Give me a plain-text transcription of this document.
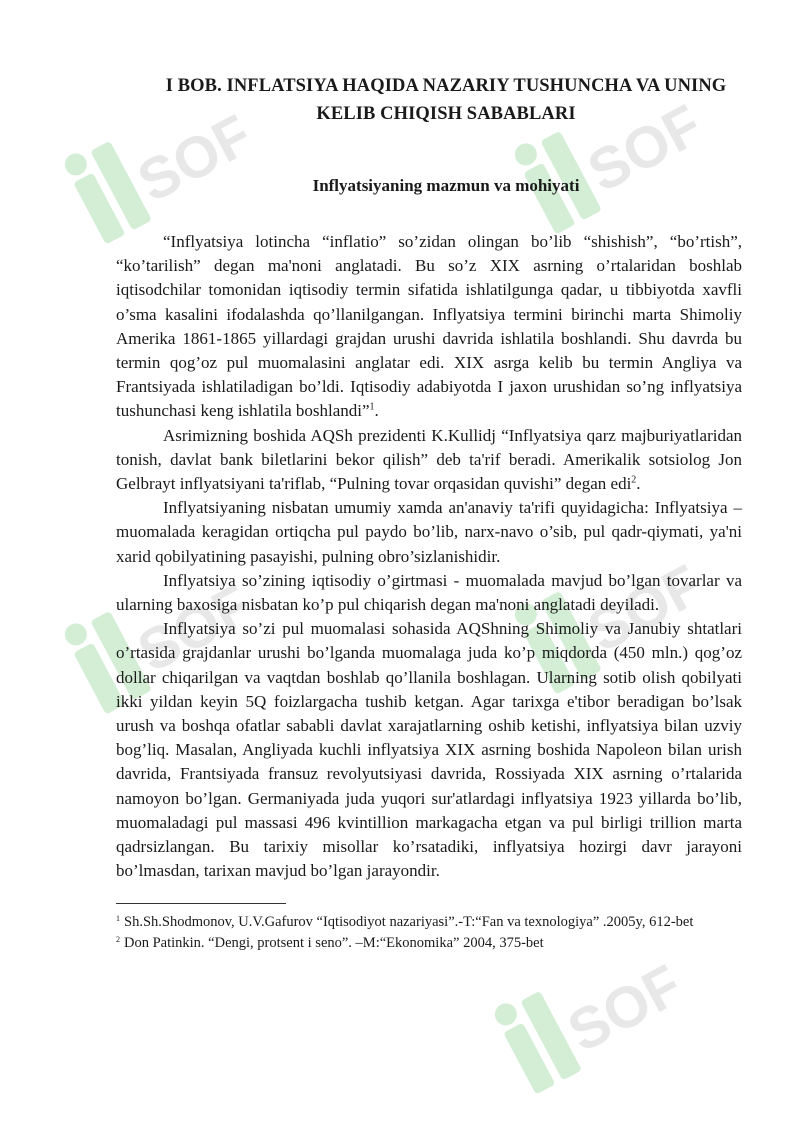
SOFF	SOFF
SOFF	SOFF
SOFF
I BOB. INFLATSIYA HAQIDA NAZARIY TUSHUNCHA VA UNING
KELIB CHIQISH SABABLARI
Inflyatsiyaning mazmun va mohiyati

“Inflyatsiya lotincha “inflatio” so’zidan olingan bo’lib “shishish”, “bo’rtish”, “ko’tarilish” degan ma'noni anglatadi. Bu so’z XIX asrning o’rtalaridan boshlab iqtisodchilar tomonidan iqtisodiy termin sifatida ishlatilgunga qadar, u tibbiyotda xavfli o’sma kasalini ifodalashda qo’llanilgangan. Inflyatsiya termini birinchi marta Shimoliy Amerika 1861-1865 yillardagi grajdan urushi davrida ishlatila boshlandi. Shu davrda bu termin qog’oz pul muomalasini anglatar edi. XIX asrga kelib bu termin Angliya va Frantsiyada ishlatiladigan bo’ldi. Iqtisodiy adabiyotda I jaxon urushidan so’ng inflyatsiya tushunchasi keng ishlatila boshlandi”$^1$.

Asrimizning boshida AQSh prezidenti K.Kullidj “Inflyatsiya qarz majburiyatlaridan tonish, davlat bank biletlarini bekor qilish” deb ta'rif beradi. Amerikalik sotsiolog Jon Gelbrayt inflyatsiyani ta'riflab, “Pulning tovar orqasidan quvishi” degan edi$^2$.

Inflyatsiyaning nisbatan umumiy xamda an'anaviy ta'rifi quyidagicha: Inflyatsiya – muomalada keragidan ortiqcha pul paydo bo’lib, narx-navo o’sib, pul qadr-qiymati, ya'ni xarid qobilyatining pasayishi, pulning obro’sizlanishidir.

Inflyatsiya so’zining iqtisodiy o’girtmasi - muomalada mavjud bo’lgan tovarlar va ularning baxosiga nisbatan ko’p pul chiqarish degan ma'noni anglatadi deyiladi.

Inflyatsiya so’zi pul muomalasi sohasida AQShning Shimoliy va Janubiy shtatlari o’rtasida grajdanlar urushi bo’lganda muomalaga juda ko’p miqdorda (450 mln.) qog’oz dollar chiqarilgan va vaqtdan boshlab qo’llanila boshlagan. Ularning sotib olish qobilyati ikki yildan keyin 5Q foizlargacha tushib ketgan. Agar tarixga e'tibor beradigan bo’lsak urush va boshqa ofatlar sababli davlat xarajatlarning oshib ketishi, inflyatsiya bilan uzviy bog’liq. Masalan, Angliyada kuchli inflyatsiya XIX asrning boshida Napoleon bilan urish davrida, Frantsiyada fransuz revolyutsiyasi davrida, Rossiyada XIX asrning o’rtalarida namoyon bo’lgan. Germaniyada juda yuqori sur'atlardagi inflyatsiya 1923 yillarda bo’lib, muomaladagi pul massasi 496 kvintillion markagacha etgan va pul birligi trillion marta qadrsizlangan. Bu tarixiy misollar ko’rsatadiki, inflyatsiya hozirgi davr jarayoni bo’lmasdan, tarixan mavjud bo’lgan jarayondir.

$^1$ Sh.Sh.Shodmonov, U.V.Gafurov “Iqtisodiyot nazariyasi”.-T:“Fan va texnologiya” .2005y, 612-bet

$^2$ Don Patinkin. “Dengi, protsent i seno”. –M:“Ekonomika” 2004, 375-bet
